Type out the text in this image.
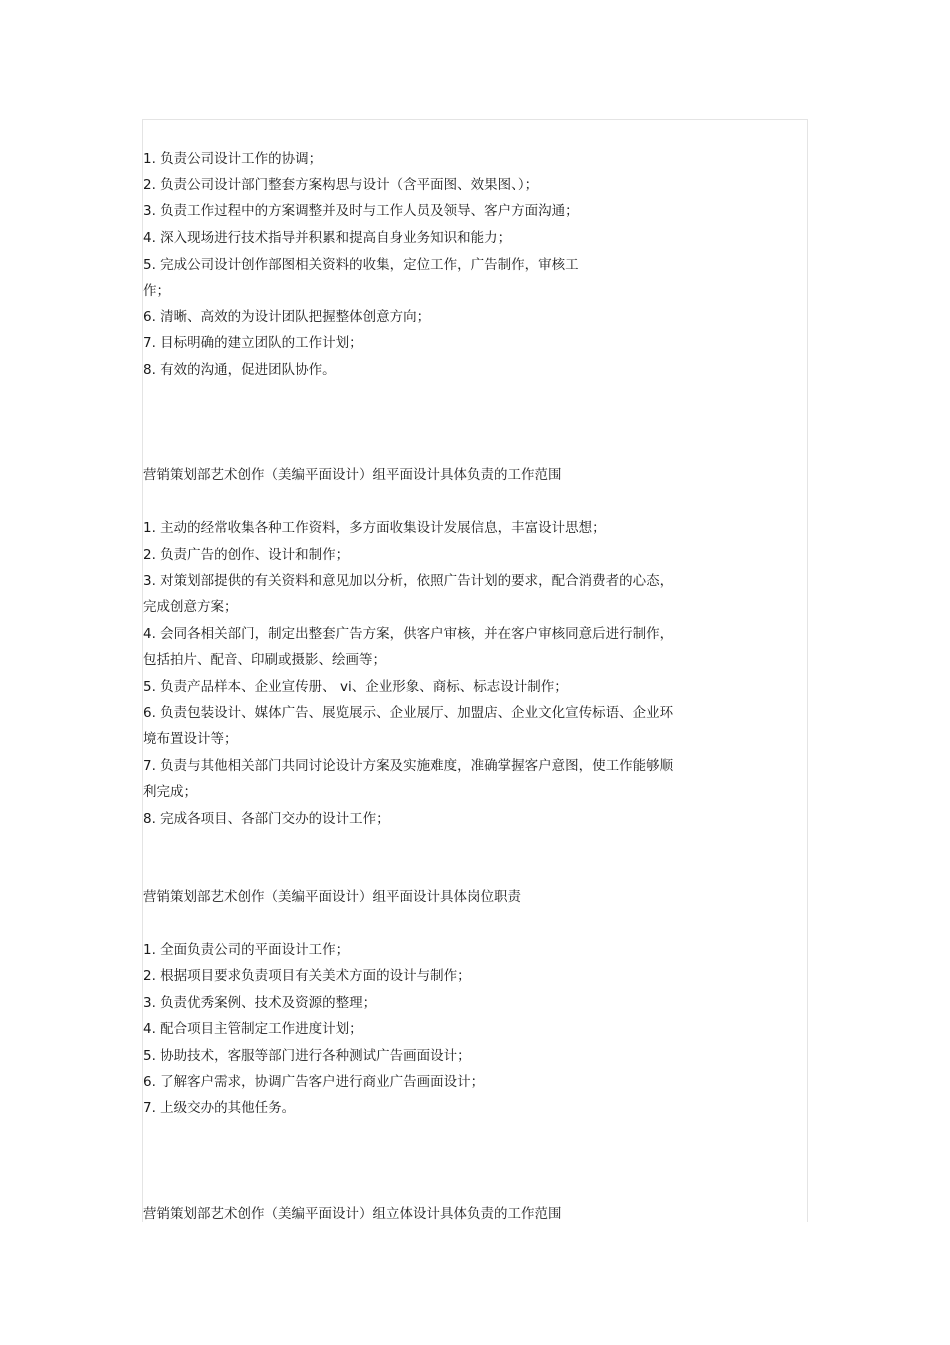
1. 负责公司设计工作的协调；
2. 负责公司设计部门整套方案构思与设计（含平面图、效果图、）；
3. 负责工作过程中的方案调整并及时与工作人员及领导、客户方面沟通；
4. 深入现场进行技术指导并积累和提高自身业务知识和能力；
5. 完成公司设计创作部图相关资料的收集，定位工作，广告制作，审核工
作；
6. 清晰、高效的为设计团队把握整体创意方向；
7. 目标明确的建立团队的工作计划；
8. 有效的沟通，促进团队协作。
营销策划部艺术创作（美编平面设计）组平面设计具体负责的工作范围
1. 主动的经常收集各种工作资料，多方面收集设计发展信息，丰富设计思想；
2. 负责广告的创作、设计和制作；
3. 对策划部提供的有关资料和意见加以分析，依照广告计划的要求，配合消费者的心态，
完成创意方案；
4. 会同各相关部门，制定出整套广告方案，供客户审核，并在客户审核同意后进行制作，
包括拍片、配音、印刷或摄影、绘画等；
5. 负责产品样本、企业宣传册、 vi、企业形象、商标、标志设计制作；
6. 负责包装设计、媒体广告、展览展示、企业展厅、加盟店、企业文化宣传标语、企业环
境布置设计等；
7. 负责与其他相关部门共同讨论设计方案及实施难度，准确掌握客户意图，使工作能够顺
利完成；
8. 完成各项目、各部门交办的设计工作；
营销策划部艺术创作（美编平面设计）组平面设计具体岗位职责
1. 全面负责公司的平面设计工作；
2. 根据项目要求负责项目有关美术方面的设计与制作；
3. 负责优秀案例、技术及资源的整理；
4. 配合项目主管制定工作进度计划；
5. 协助技术，客服等部门进行各种测试广告画面设计；
6. 了解客户需求，协调广告客户进行商业广告画面设计；
7. 上级交办的其他任务。
营销策划部艺术创作（美编平面设计）组立体设计具体负责的工作范围
